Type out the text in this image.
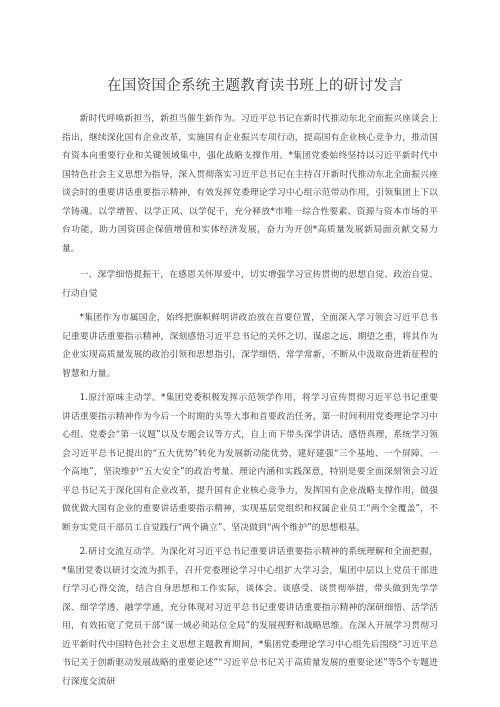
在国资国企系统主题教育读书班上的研讨发言

新时代呼唤新担当，新担当催生新作为。习近平总书记在新时代推动东北全面振兴座谈会上指出，继续深化国有企业改革，实施国有企业振兴专项行动，提高国有企业核心竞争力，推动国有资本向重要行业和关键领域集中，强化战略支撑作用。*集团党委始终坚持以习近平新时代中国特色社会主义思想为指导，深入贯彻落实习近平总书记在主持召开新时代推动东北全面振兴座谈会时的重要讲话重要指示精神，有效发挥党委理论学习中心组示范带动作用，引领集团上下以学铸魂、以学增智、以学正风、以学促干，充分释放*市唯一综合性要素、资源与资本市场的平台功能，助力国资国企保值增值和实体经济发展，奋力为开创*高质量发展新局面贡献交易力量。

一、深学细悟提振干，在感恩关怀厚爱中，切实增强学习宣传贯彻的思想自觉、政治自觉、行动自觉

*集团作为市属国企，始终把旗帜鲜明讲政治放在首要位置，全面深入学习领会习近平总书记重要讲话重要指示精神，深刻感悟习近平总书记的关怀之切、谋虑之远、期望之重，将其作为企业实现高质量发展的政治引领和思想指引，深学细悟、常学常新，不断从中汲取奋进新征程的智慧和力量。

1.原汁原味主动学。*集团党委积极发挥示范领学作用，将学习宣传贯彻习近平总书记重要讲话重要指示精神作为今后一个时期的头等大事和首要政治任务，第一时间利用党委理论学习中心组、党委会“第一议题”以及专题会议等方式，自上而下带头深学讲话、感悟真理，系统学习领会习近平总书记提出的“五大优势”转化为发展新动能优势，建好建强“三个基地、一个屏障、一个高地”，坚决维护“五大安全”的政治考量、理论内涵和实践深意，特别是要全面深刻领会习近平总书记关于深化国有企业改革，提升国有企业核心竞争力，发挥国有企业战略支撑作用，做强做优做大国有企业的重要讲话重要指示精神，实现基层党组织和权属企业员工“两个全覆盖”，不断夯实党员干部员工自觉践行“两个确立”、坚决做到“两个维护”的思想根基。

2.研讨交流互动学。为深化对习近平总书记重要讲话重要指示精神的系统理解和全面把握，*集团党委以研讨交流为抓手，召开党委理论学习中心组扩大学习会，集团中层以上党员干部进行学习心得交流，结合自身思想和工作实际，谈体会、谈感受、谈贯彻举措，带头做到先学学深、细学学透、融学学通，充分体现对习近平总书记重要讲话重要指示精神的深研细悟、活学活用，有效拓宽了党员干部“谋一域必须站位全局”的发展视野和战略思维。在深入开展学习贯彻习近平新时代中国特色社会主义思想主题教育期间，*集团党委理论学习中心组先后围绕“习近平总书记关于创新驱动发展战略的重要论述”“习近平总书记关于高质量发展的重要论述”等5个专题进行深度交流研
